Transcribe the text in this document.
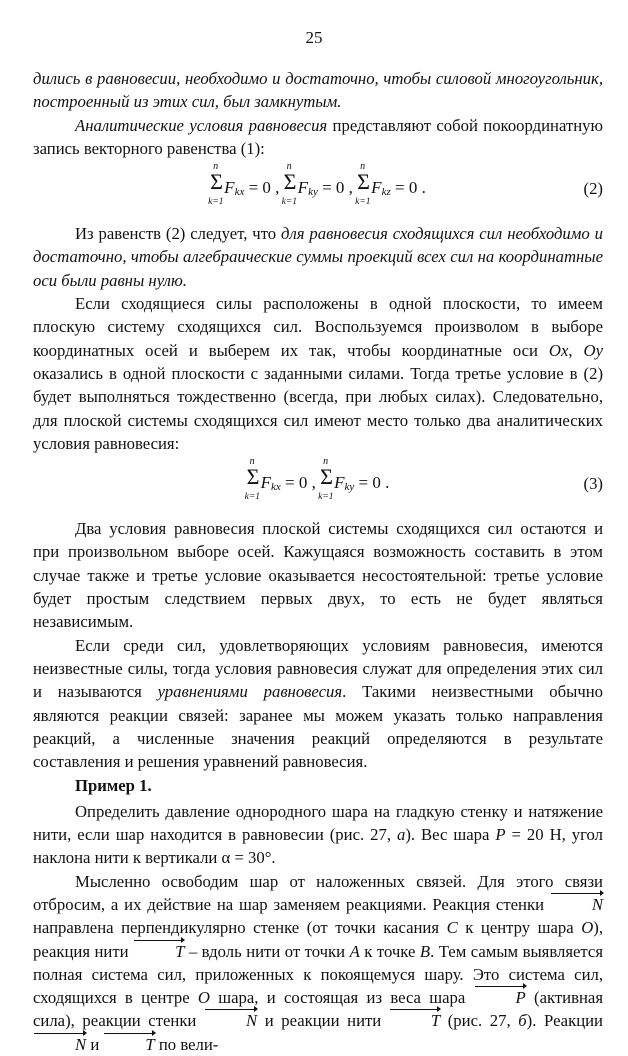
25

дились в равновесии, необходимо и достаточно, чтобы силовой многоугольник, построенный из этих сил, был замкнутым.

Аналитические условия равновесия представляют собой покоординатную запись векторного равенства (1):

n
Σ
k=1
$F_{kx} = 0$ ,
n
Σ
k=1
$F_{ky} = 0$ ,
n
Σ
k=1
$F_{kz} = 0$ .	(2)

Из равенств (2) следует, что для равновесия сходящихся сил необходимо и достаточно, чтобы алгебраические суммы проекций всех сил на координатные оси были равны нулю.

Если сходящиеся силы расположены в одной плоскости, то имеем плоскую систему сходящихся сил. Воспользуемся произволом в выборе координатных осей и выберем их так, чтобы координатные оси Ox, Oy оказались в одной плоскости с заданными силами. Тогда третье условие в (2) будет выполняться тождественно (всегда, при любых силах). Следовательно, для плоской системы сходящихся сил имеют место только два аналитических условия равновесия:

n
Σ
k=1
$F_{kx} = 0$ ,
n
Σ
k=1
$F_{ky} = 0$ .	(3)

Два условия равновесия плоской системы сходящихся сил остаются и при произвольном выборе осей. Кажущаяся возможность составить в этом случае также и третье условие оказывается несостоятельной: третье условие будет простым следствием первых двух, то есть не будет являться независимым.

Если среди сил, удовлетворяющих условиям равновесия, имеются неизвестные силы, тогда условия равновесия служат для определения этих сил и называются уравнениями равновесия. Такими неизвестными обычно являются реакции связей: заранее мы можем указать только направления реакций, а численные значения реакций определяются в результате составления и решения уравнений равновесия.

Пример 1.

Определить давление однородного шара на гладкую стенку и натяжение нити, если шар находится в равновесии (рис. 27, а). Вес шара P = 20 Н, угол наклона нити к вертикали α = 30°.

Мысленно освободим шар от наложенных связей. Для этого связи отбросим, а их действие на шар заменяем реакциями. Реакция стенки	N направлена перпендикулярно стенке (от точки касания C к центру шара O), реакция нити	T – вдоль нити от точки A к точке B. Тем самым выявляется полная система сил, приложенных к покоящемуся шару. Это система сил, сходящихся в центре O шара, и состоящая из веса шара	P (активная сила), реакции стенки	N и реакции нити	T (рис. 27, б). Реакции N и	T по вели-
